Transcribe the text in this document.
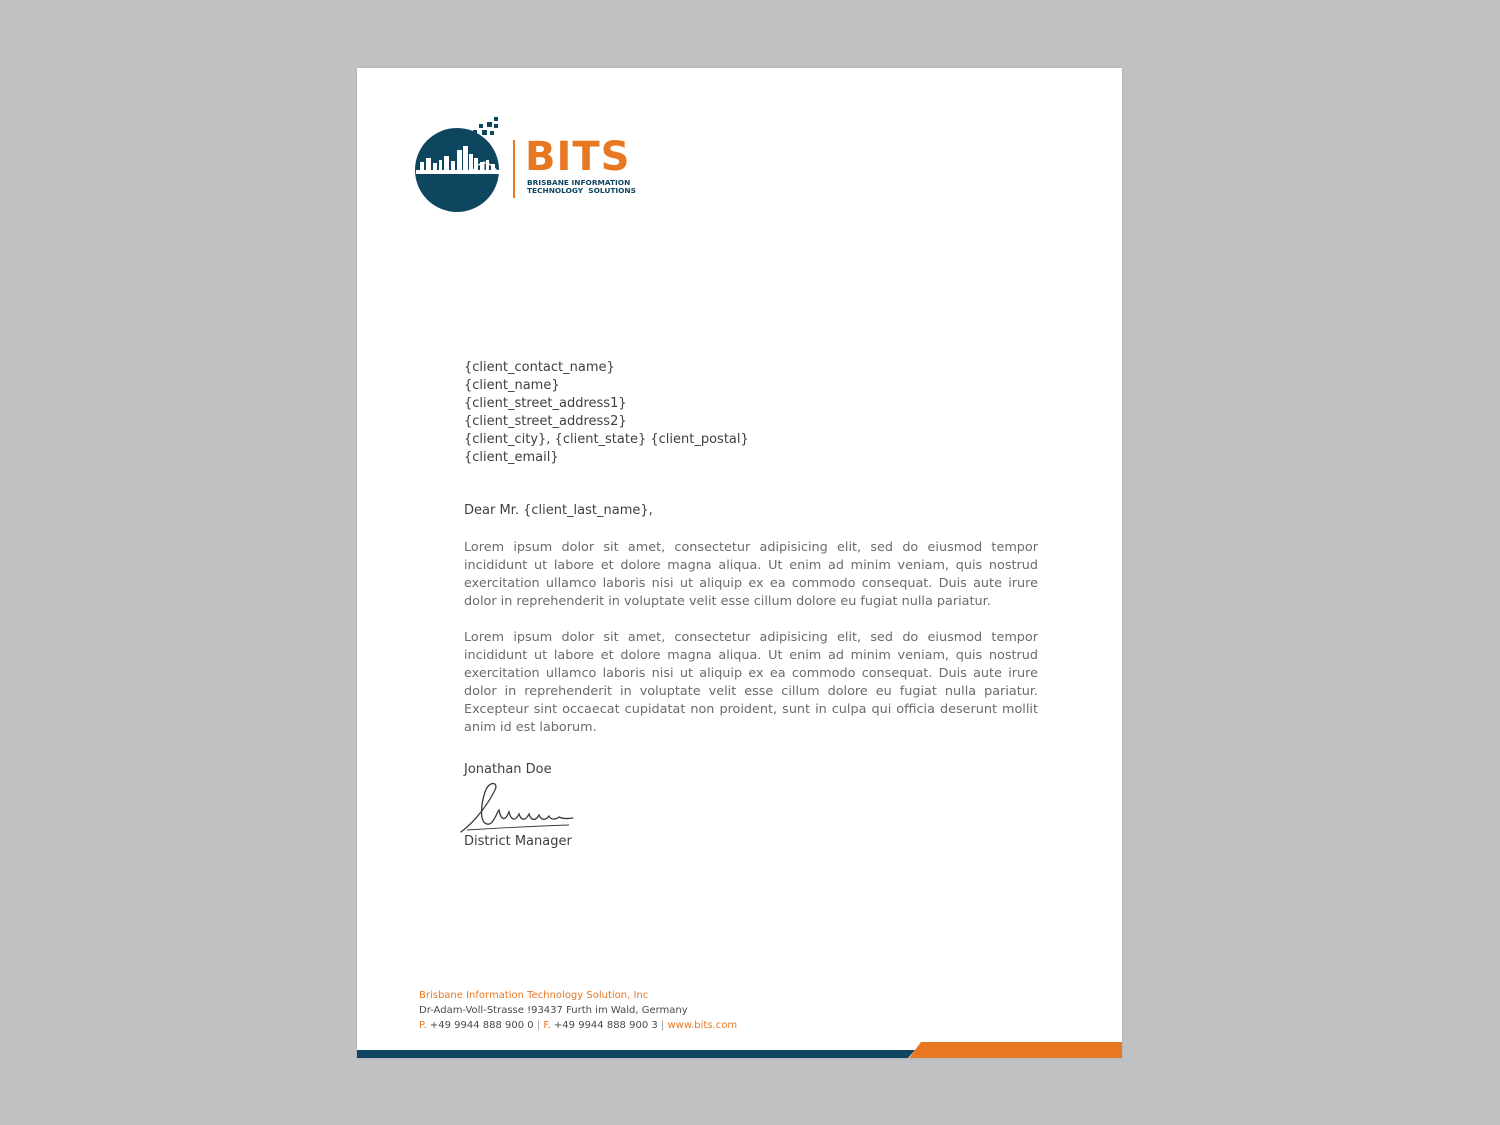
BITS
BRISBANE INFORMATION
TECHNOLOGY  SOLUTIONS
{client_contact_name}
{client_name}
{client_street_address1}
{client_street_address2}
{client_city}, {client_state} {client_postal}
{client_email}
Dear Mr. {client_last_name},
Lorem ipsum dolor sit amet, consectetur adipisicing elit, sed do eiusmod tempor incididunt ut labore et dolore magna aliqua. Ut enim ad minim veniam, quis nostrud exercitation ullamco laboris nisi ut aliquip ex ea commodo consequat. Duis aute irure dolor in reprehenderit in voluptate velit esse cillum dolore eu fugiat nulla pariatur.
Lorem ipsum dolor sit amet, consectetur adipisicing elit, sed do eiusmod tempor incididunt ut labore et dolore magna aliqua. Ut enim ad minim veniam, quis nostrud exercitation ullamco laboris nisi ut aliquip ex ea commodo consequat. Duis aute irure dolor in reprehenderit in voluptate velit esse cillum dolore eu fugiat nulla pariatur. Excepteur sint occaecat cupidatat non proident, sunt in culpa qui officia deserunt mollit anim id est laborum.
Jonathan Doe
District Manager
Brisbane Information Technology Solution, Inc
Dr-Adam-Voll-Strasse !93437 Furth im Wald, Germany
P. +49 9944 888 900 0 | F. +49 9944 888 900 3 | www.bits.com
